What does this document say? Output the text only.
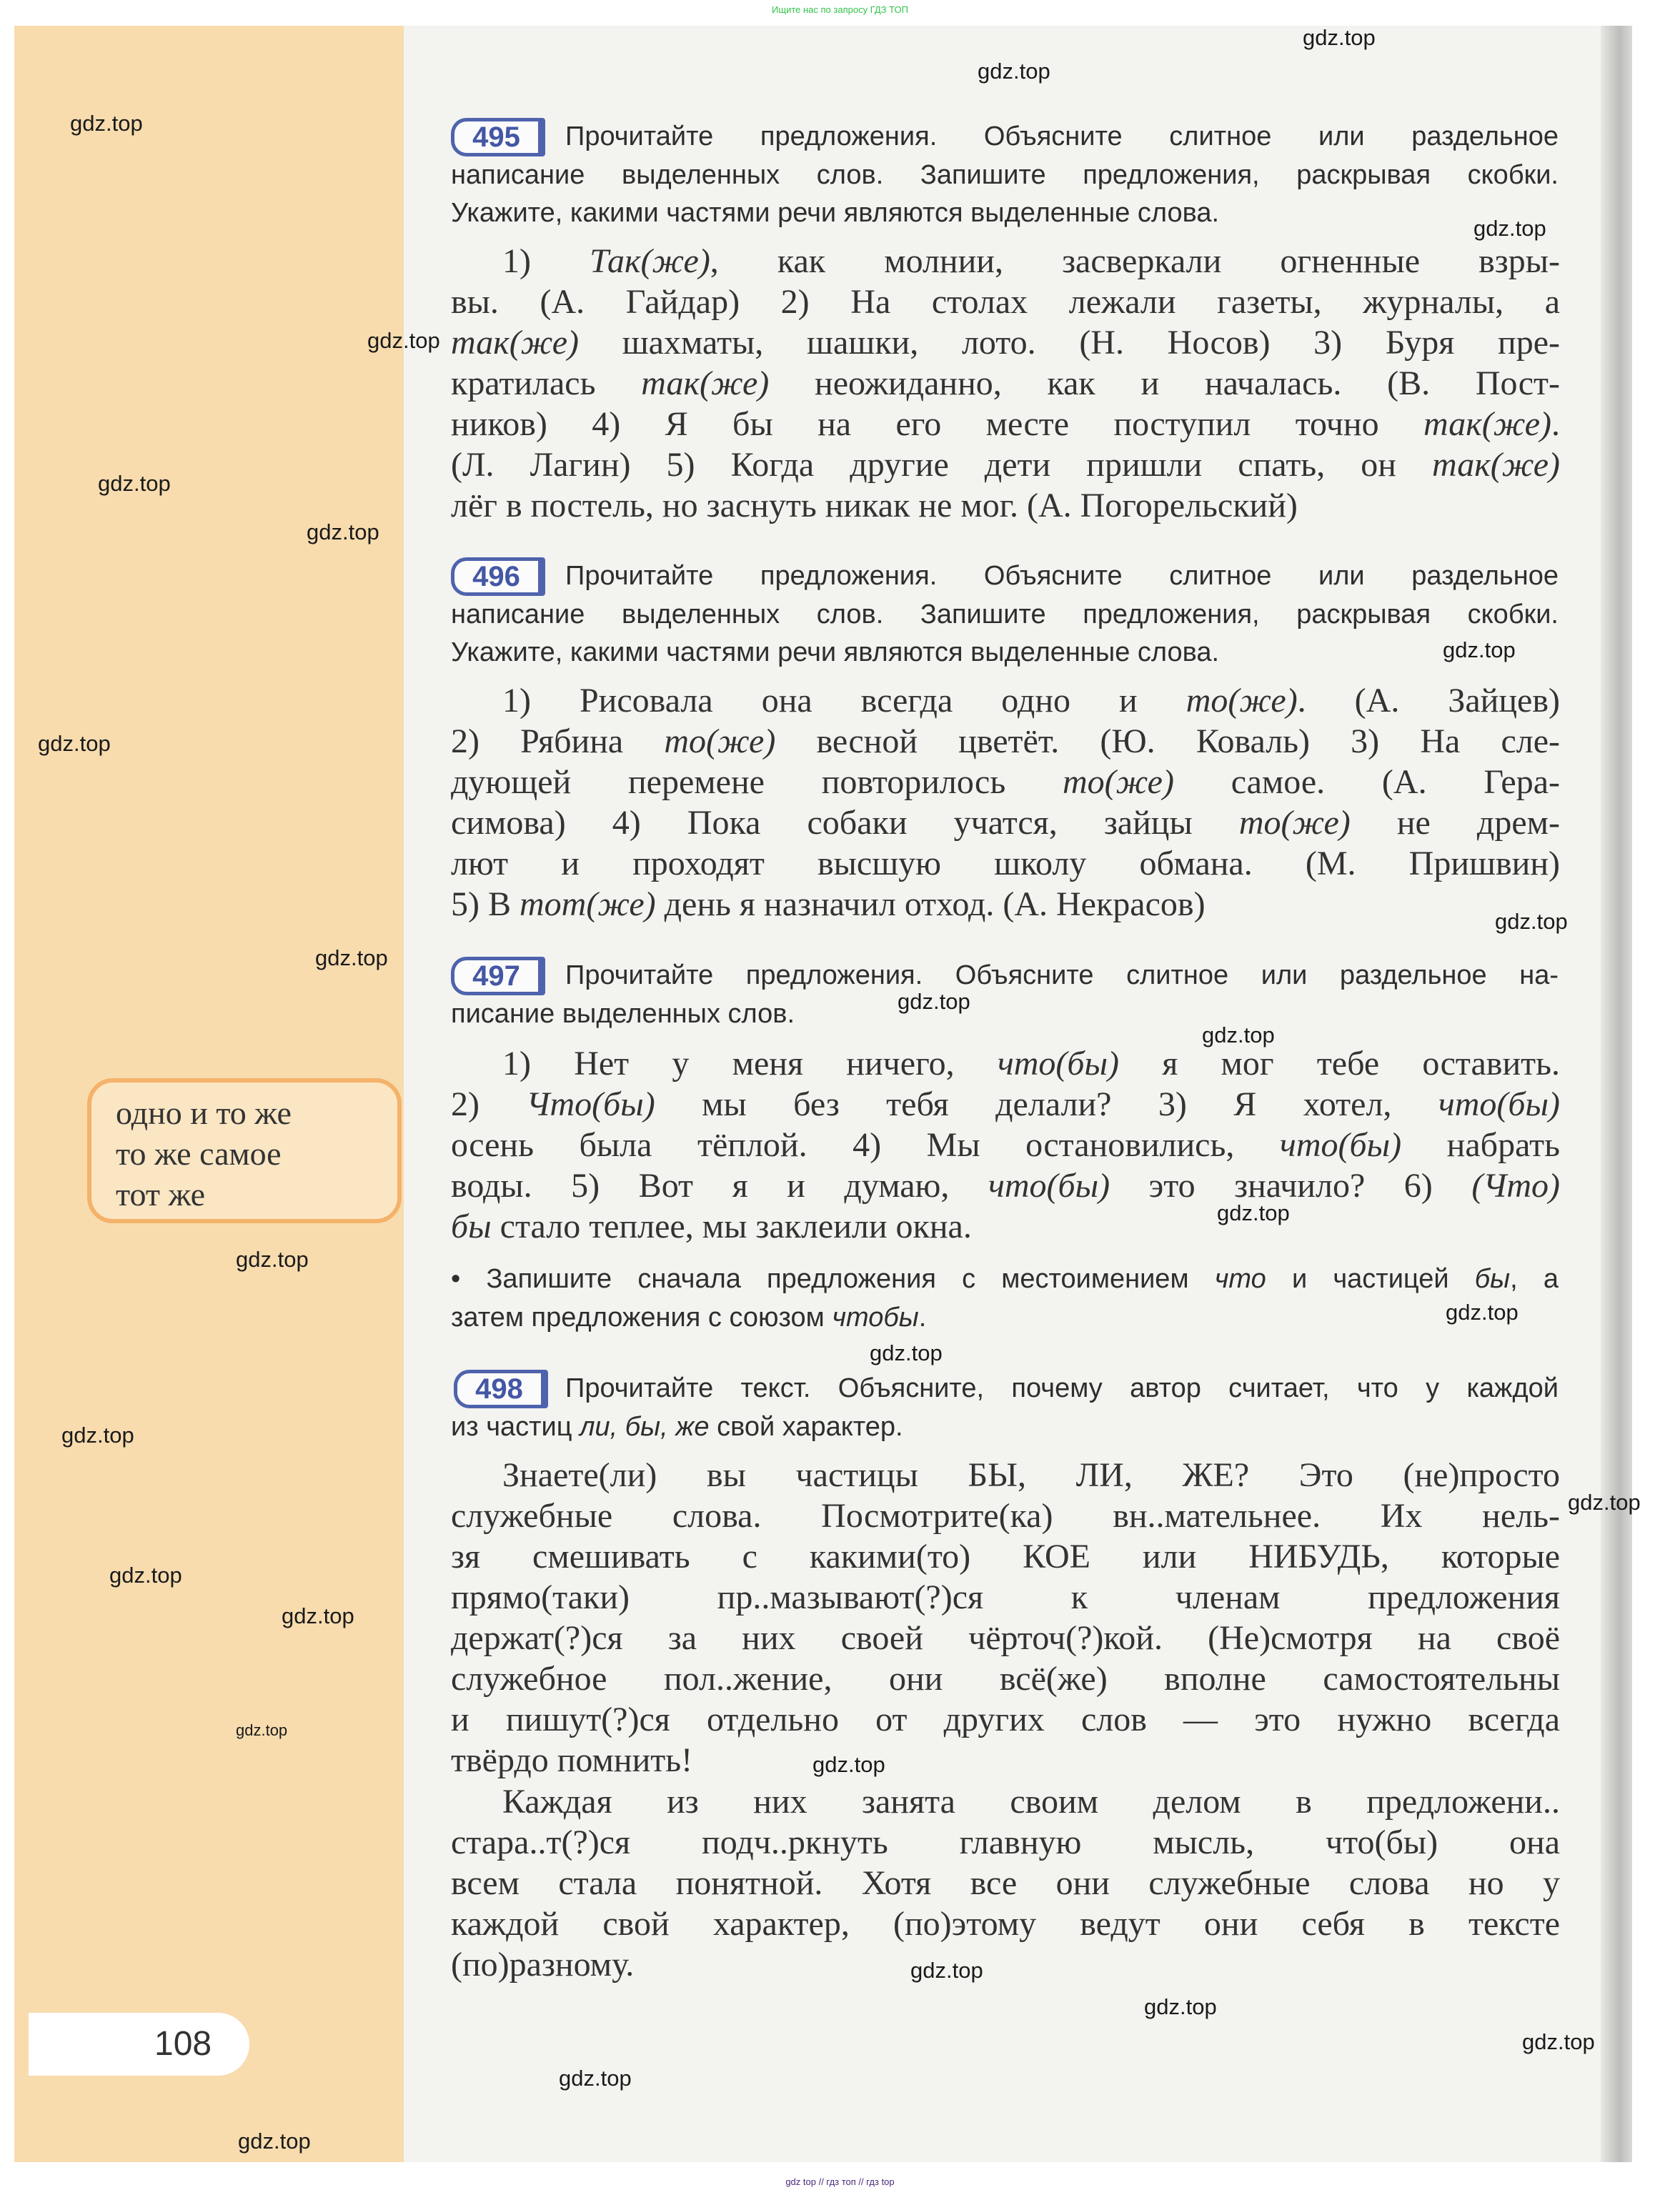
Ищите нас по запросу ГДЗ ТОП
одно и то же
то же самое
тот же
108
495	Прочитайте предложения. Объясните слитное или раздельное
написание выделенных слов. Запишите предложения, раскрывая скобки.
Укажите, какими частями речи являются выделенные слова.
1) Так(же), как молнии, засверкали огненные взры-
вы. (А. Гайдар) 2) На столах лежали газеты, журналы, а
так(же) шахматы, шашки, лото. (Н. Носов) 3) Буря пре-
кратилась так(же) неожиданно, как и началась. (В. Пост-
ников) 4) Я бы на его месте поступил точно так(же).
(Л. Лагин) 5) Когда другие дети пришли спать, он так(же)
лёг в постель, но заснуть никак не мог. (А. Погорельский)
496	Прочитайте предложения. Объясните слитное или раздельное
написание выделенных слов. Запишите предложения, раскрывая скобки.
Укажите, какими частями речи являются выделенные слова.
1) Рисовала она всегда одно и то(же). (А. Зайцев)
2) Рябина то(же) весной цветёт. (Ю. Коваль) 3) На сле-
дующей перемене повторилось то(же) самое. (А. Гера-
симова) 4) Пока собаки учатся, зайцы то(же) не дрем-
лют и проходят высшую школу обмана. (М. Пришвин)
5) В тот(же) день я назначил отход. (А. Некрасов)
497	Прочитайте предложения. Объясните слитное или раздельное на-
писание выделенных слов.
1) Нет у меня ничего, что(бы) я мог тебе оставить.
2) Что(бы) мы без тебя делали? 3) Я хотел, что(бы)
осень была тёплой. 4) Мы остановились, что(бы) набрать
воды. 5) Вот я и думаю, что(бы) это значило? 6) (Что)
бы стало теплее, мы заклеили окна.
• Запишите сначала предложения с местоимением что и частицей бы, а
затем предложения с союзом чтобы.
498	Прочитайте текст. Объясните, почему автор считает, что у каждой
из частиц ли, бы, же свой характер.
Знаете(ли) вы частицы БЫ, ЛИ, ЖЕ? Это (не)просто
служебные слова. Посмотрите(ка) вн..мательнее. Их нель-
зя смешивать с какими(то) КОЕ или НИБУДЬ, которые
прямо(таки) пр..мазывают(?)ся к членам предложения
держат(?)ся за них своей чёрточ(?)кой. (Не)смотря на своё
служебное пол..жение, они всё(же) вполне самостоятельны
и пишут(?)ся отдельно от других слов — это нужно всегда
твёрдо помнить!
Каждая из них занята своим делом в предложени..
стара..т(?)ся подч..ркнуть главную мысль, что(бы) она
всем стала понятной. Хотя все они служебные слова но у
каждой свой характер, (по)этому ведут они себя в тексте
(по)разному.
gdz.top
gdz.top
gdz.top
gdz.top
gdz.top
gdz.top
gdz.top
gdz.top
gdz.top
gdz.top
gdz.top
gdz.top
gdz.top
gdz.top
gdz.top
gdz.top
gdz.top
gdz.top
gdz.top
gdz.top
gdz.top
gdz.top
gdz.top
gdz.top
gdz.top
gdz.top
gdz.top
gdz.top
gdz top // гдз топ // гдз top
